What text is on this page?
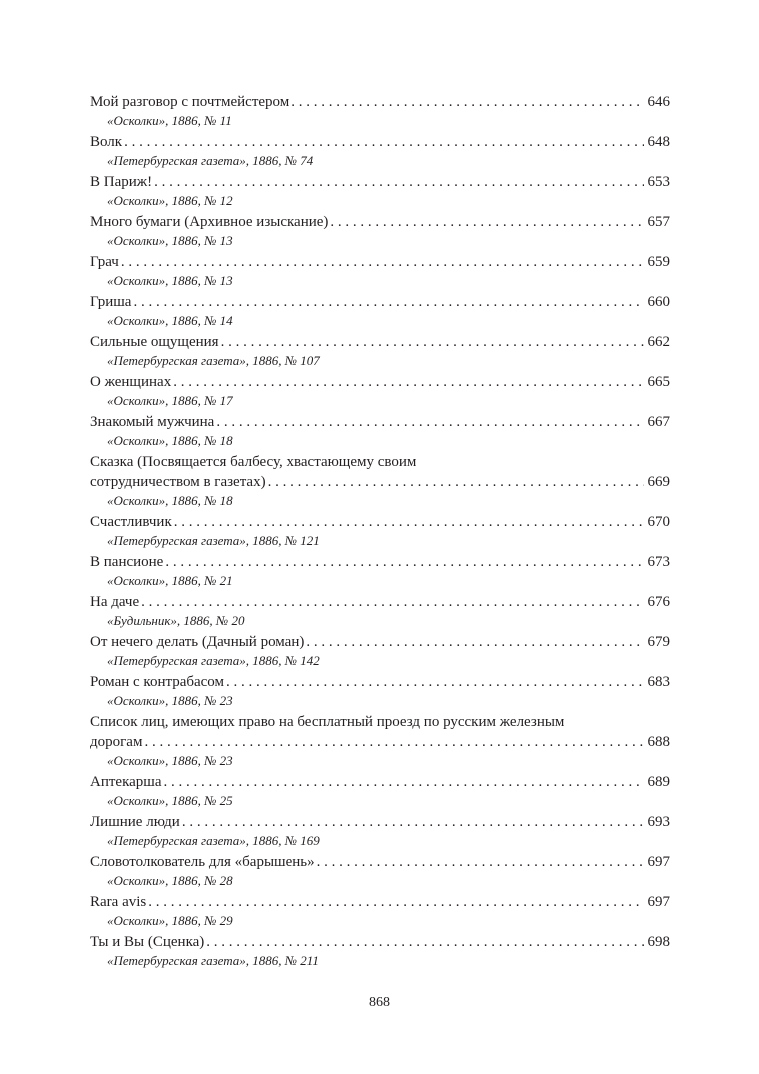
Мой разговор с почтмейстером . . .	646
«Осколки», 1886, № 11
Волк . . .	648
«Петербургская газета», 1886, № 74
В Париж! . . .	653
«Осколки», 1886, № 12
Много бумаги (Архивное изыскание) . . .	657
«Осколки», 1886, № 13
Грач . . .	659
«Осколки», 1886, № 13
Гриша . . .	660
«Осколки», 1886, № 14
Сильные ощущения . . .	662
«Петербургская газета», 1886, № 107
О женщинах . . .	665
«Осколки», 1886, № 17
Знакомый мужчина . . .	667
«Осколки», 1886, № 18
Сказка (Посвящается балбесу, хвастающему своим
сотрудничеством в газетах) . . .	669
«Осколки», 1886, № 18
Счастливчик . . .	670
«Петербургская газета», 1886, № 121
В пансионе . . .	673
«Осколки», 1886, № 21
На даче . . .	676
«Будильник», 1886, № 20
От нечего делать (Дачный роман) . . .	679
«Петербургская газета», 1886, № 142
Роман с контрабасом . . .	683
«Осколки», 1886, № 23
Список лиц, имеющих право на бесплатный проезд по русским железным
дорогам . . .	688
«Осколки», 1886, № 23
Аптекарша . . .	689
«Осколки», 1886, № 25
Лишние люди . . .	693
«Петербургская газета», 1886, № 169
Словотолкователь для «барышень» . . .	697
«Осколки», 1886, № 28
Rara avis . . .	697
«Осколки», 1886, № 29
Ты и Вы (Сценка) . . .	698
«Петербургская газета», 1886, № 211
868
